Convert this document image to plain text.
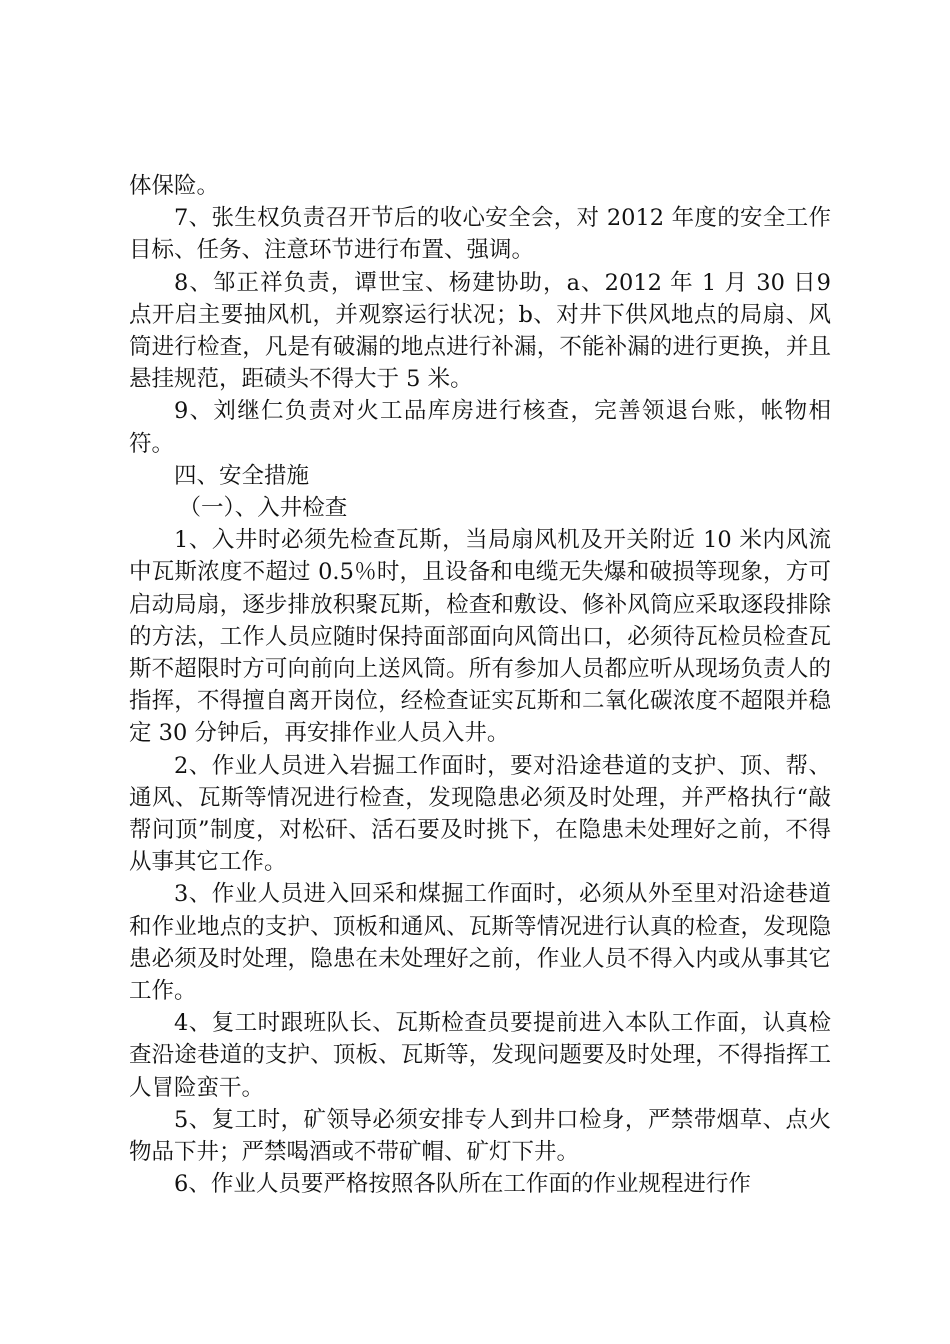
体保险。

7、张生权负责召开节后的收心安全会，对 2012 年度的安全工作目标、任务、注意环节进行布置、强调。

8、邹正祥负责，谭世宝、杨建协助，a、2012 年 1 月 30 日9 点开启主要抽风机，并观察运行状况；b、对井下供风地点的局扇、风筒进行检查，凡是有破漏的地点进行补漏，不能补漏的进行更换，并且悬挂规范，距碛头不得大于 5 米。

9、刘继仁负责对火工品库房进行核查，完善领退台账，帐物相符。

四、安全措施

（一）、入井检查

1、入井时必须先检查瓦斯，当局扇风机及开关附近 10 米内风流中瓦斯浓度不超过 0.5％时，且设备和电缆无失爆和破损等现象，方可启动局扇，逐步排放积聚瓦斯，检查和敷设、修补风筒应采取逐段排除的方法，工作人员应随时保持面部面向风筒出口，必须待瓦检员检查瓦斯不超限时方可向前向上送风筒。所有参加人员都应听从现场负责人的指挥，不得擅自离开岗位，经检查证实瓦斯和二氧化碳浓度不超限并稳定 30 分钟后，再安排作业人员入井。

2、作业人员进入岩掘工作面时，要对沿途巷道的支护、顶、帮、通风、瓦斯等情况进行检查，发现隐患必须及时处理，并严格执行“敲帮问顶”制度，对松矸、活石要及时挑下，在隐患未处理好之前，不得从事其它工作。

3、作业人员进入回采和煤掘工作面时，必须从外至里对沿途巷道和作业地点的支护、顶板和通风、瓦斯等情况进行认真的检查，发现隐患必须及时处理，隐患在未处理好之前，作业人员不得入内或从事其它工作。

4、复工时跟班队长、瓦斯检查员要提前进入本队工作面，认真检查沿途巷道的支护、顶板、瓦斯等，发现问题要及时处理，不得指挥工人冒险蛮干。

5、复工时，矿领导必须安排专人到井口检身，严禁带烟草、点火物品下井；严禁喝酒或不带矿帽、矿灯下井。

6、作业人员要严格按照各队所在工作面的作业规程进行作
